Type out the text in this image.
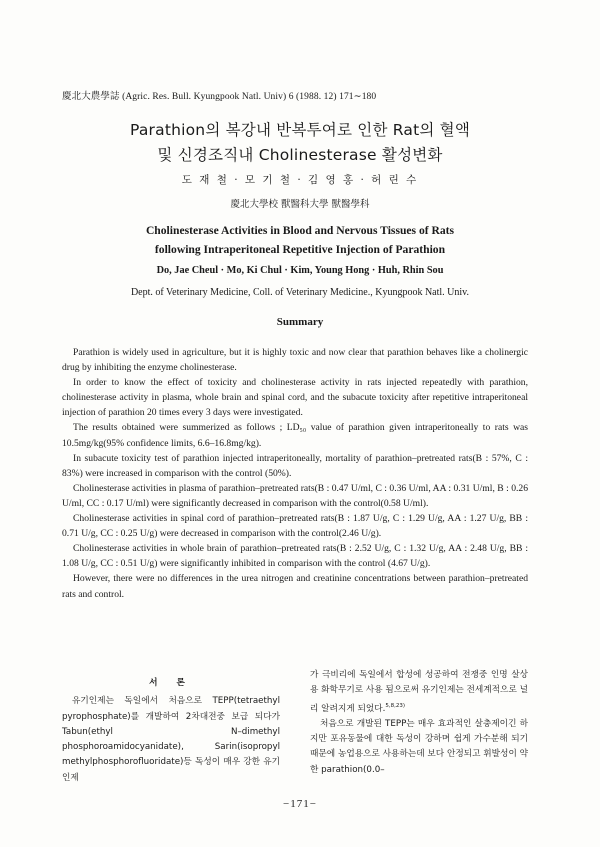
慶北大農學誌 (Agric. Res. Bull. Kyungpook Natl. Univ) 6 (1988. 12) 171∼180
Parathion의 복강내 반복투여로 인한 Rat의 혈액
및 신경조직내 Cholinesterase 활성변화
도 재 철 · 모 기 철 · 김 영 홍 · 허 린 수
慶北大學校 獸醫科大學 獸醫學科
Cholinesterase Activities in Blood and Nervous Tissues of Rats
following Intraperitoneal Repetitive Injection of Parathion
Do, Jae Cheul · Mo, Ki Chul · Kim, Young Hong · Huh, Rhin Sou
Dept. of Veterinary Medicine, Coll. of Veterinary Medicine., Kyungpook Natl. Univ.
Summary

Parathion is widely used in agriculture, but it is highly toxic and now clear that parathion behaves like a cholinergic drug by inhibiting the enzyme cholinesterase.

In order to know the effect of toxicity and cholinesterase activity in rats injected repeatedly with parathion, cholinesterase activity in plasma, whole brain and spinal cord, and the subacute toxicity after repetitive intraperitoneal injection of parathion 20 times every 3 days were investigated.

The results obtained were summerized as follows ; LD₅₀ value of parathion given intraperitoneally to rats was 10.5mg/kg(95% confidence limits, 6.6–16.8mg/kg).

In subacute toxicity test of parathion injected intraperitoneally, mortality of parathion–pretreated rats(B : 57%, C : 83%) were increased in comparison with the control (50%).

Cholinesterase activities in plasma of parathion–pretreated rats(B : 0.47 U/ml, C : 0.36 U/ml, AA : 0.31 U/ml, B : 0.26 U/ml, CC : 0.17 U/ml) were significantly decreased in comparison with the control(0.58 U/ml).

Cholinesterase activities in spinal cord of parathion–pretreated rats(B : 1.87 U/g, C : 1.29 U/g, AA : 1.27 U/g, BB : 0.71 U/g, CC : 0.25 U/g) were decreased in comparison with the control(2.46 U/g).

Cholinesterase activities in whole brain of parathion–pretreated rats(B : 2.52 U/g, C : 1.32 U/g, AA : 2.48 U/g, BB : 1.08 U/g, CC : 0.51 U/g) were significantly inhibited in comparison with the control (4.67 U/g).

However, there were no differences in the urea nitrogen and creatinine concentrations between parathion–pretreated rats and control.

서 론

유기인제는 독일에서 처음으로 TEPP(tetraethyl pyrophosphate)를 개발하여 2차대전중 보급 되다가 Tabun(ethyl N–dimethyl phosphoroamidocyanidate), Sarin(isopropyl methylphosphorofluoridate)등 독성이 매우 강한 유기인제

가 극비리에 독일에서 합성에 성공하여 전쟁중 인명 살상용 화학무기로 사용 됨으로써 유기인제는 전세계적으로 널리 알려지게 되었다.$^{5,8,23)}$

처음으로 개발된 TEPP는 매우 효과적인 살충제이긴 하지만 포유동물에 대한 독성이 강하며 쉽게 가수분해 되기 때문에 농업용으로 사용하는데 보다 안정되고 휘발성이 약한 parathion(0.0–

−171−
